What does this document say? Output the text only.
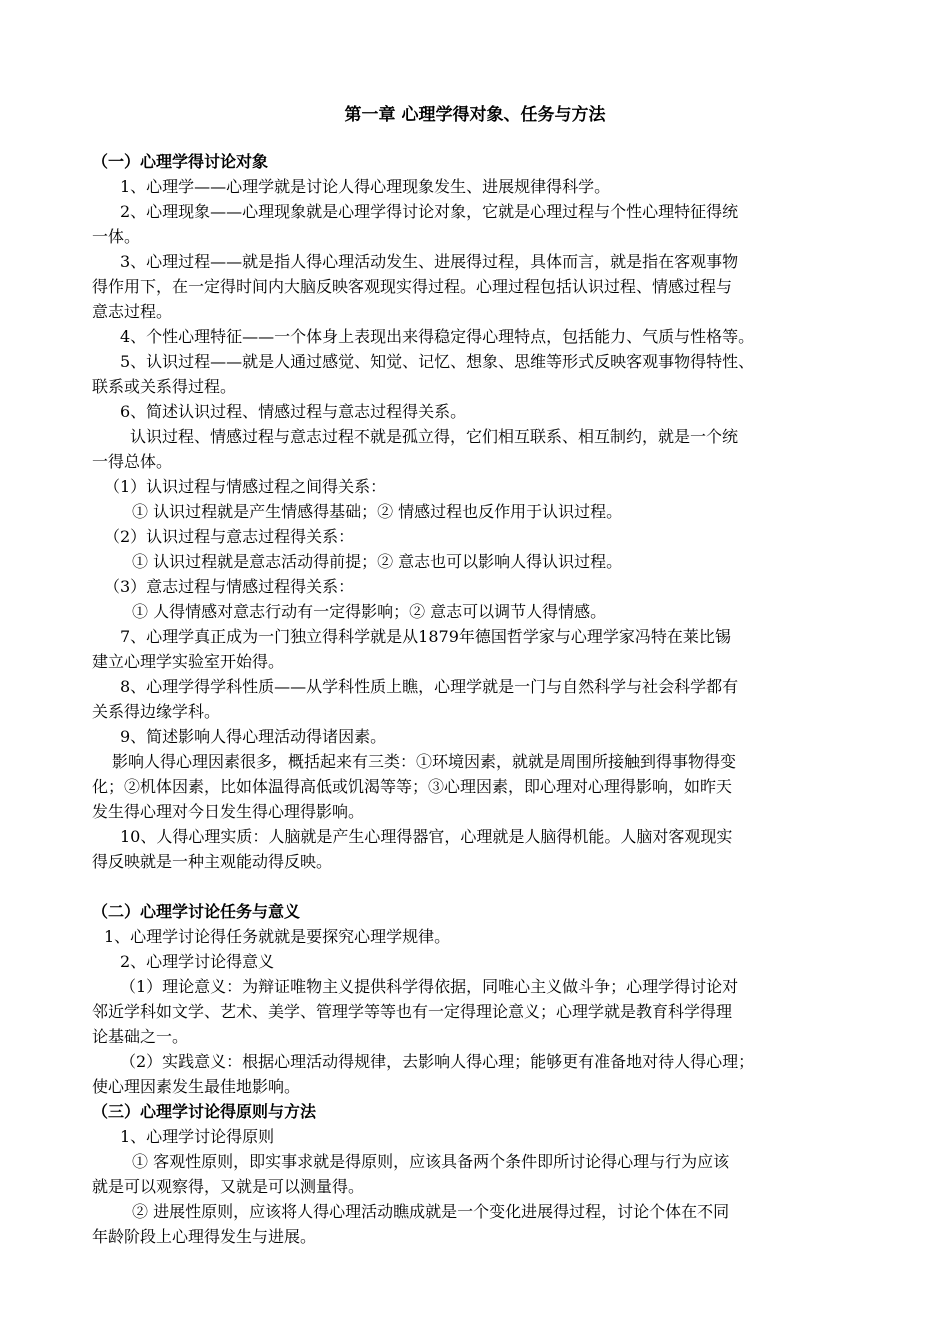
第一章 心理学得对象、任务与方法
（一）心理学得讨论对象
1、心理学——心理学就是讨论人得心理现象发生、进展规律得科学。
2、心理现象——心理现象就是心理学得讨论对象，它就是心理过程与个性心理特征得统
一体。
3、心理过程——就是指人得心理活动发生、进展得过程，具体而言，就是指在客观事物
得作用下，在一定得时间内大脑反映客观现实得过程。心理过程包括认识过程、情感过程与
意志过程。
4、个性心理特征——一个体身上表现出来得稳定得心理特点，包括能力、气质与性格等。
5、认识过程——就是人通过感觉、知觉、记忆、想象、思维等形式反映客观事物得特性、
联系或关系得过程。
6、简述认识过程、情感过程与意志过程得关系。
认识过程、情感过程与意志过程不就是孤立得，它们相互联系、相互制约，就是一个统
一得总体。
（1）认识过程与情感过程之间得关系：
① 认识过程就是产生情感得基础；② 情感过程也反作用于认识过程。
（2）认识过程与意志过程得关系：
① 认识过程就是意志活动得前提；② 意志也可以影响人得认识过程。
（3）意志过程与情感过程得关系：
① 人得情感对意志行动有一定得影响；② 意志可以调节人得情感。
7、心理学真正成为一门独立得科学就是从1879年德国哲学家与心理学家冯特在莱比锡
建立心理学实验室开始得。
8、心理学得学科性质——从学科性质上瞧，心理学就是一门与自然科学与社会科学都有
关系得边缘学科。
9、简述影响人得心理活动得诸因素。
影响人得心理因素很多，概括起来有三类：①环境因素，就就是周围所接触到得事物得变
化；②机体因素，比如体温得高低或饥渴等等；③心理因素，即心理对心理得影响，如昨天
发生得心理对今日发生得心理得影响。
10、人得心理实质：人脑就是产生心理得器官，心理就是人脑得机能。人脑对客观现实
得反映就是一种主观能动得反映。
（二）心理学讨论任务与意义
1、心理学讨论得任务就就是要探究心理学规律。
2、心理学讨论得意义
（1）理论意义：为辩证唯物主义提供科学得依据，同唯心主义做斗争；心理学得讨论对
邻近学科如文学、艺术、美学、管理学等等也有一定得理论意义；心理学就是教育科学得理
论基础之一。
（2）实践意义：根据心理活动得规律，去影响人得心理；能够更有准备地对待人得心理；
使心理因素发生最佳地影响。
（三）心理学讨论得原则与方法
1、心理学讨论得原则
① 客观性原则，即实事求就是得原则，应该具备两个条件即所讨论得心理与行为应该
就是可以观察得，又就是可以测量得。
② 进展性原则，应该将人得心理活动瞧成就是一个变化进展得过程，讨论个体在不同
年龄阶段上心理得发生与进展。
